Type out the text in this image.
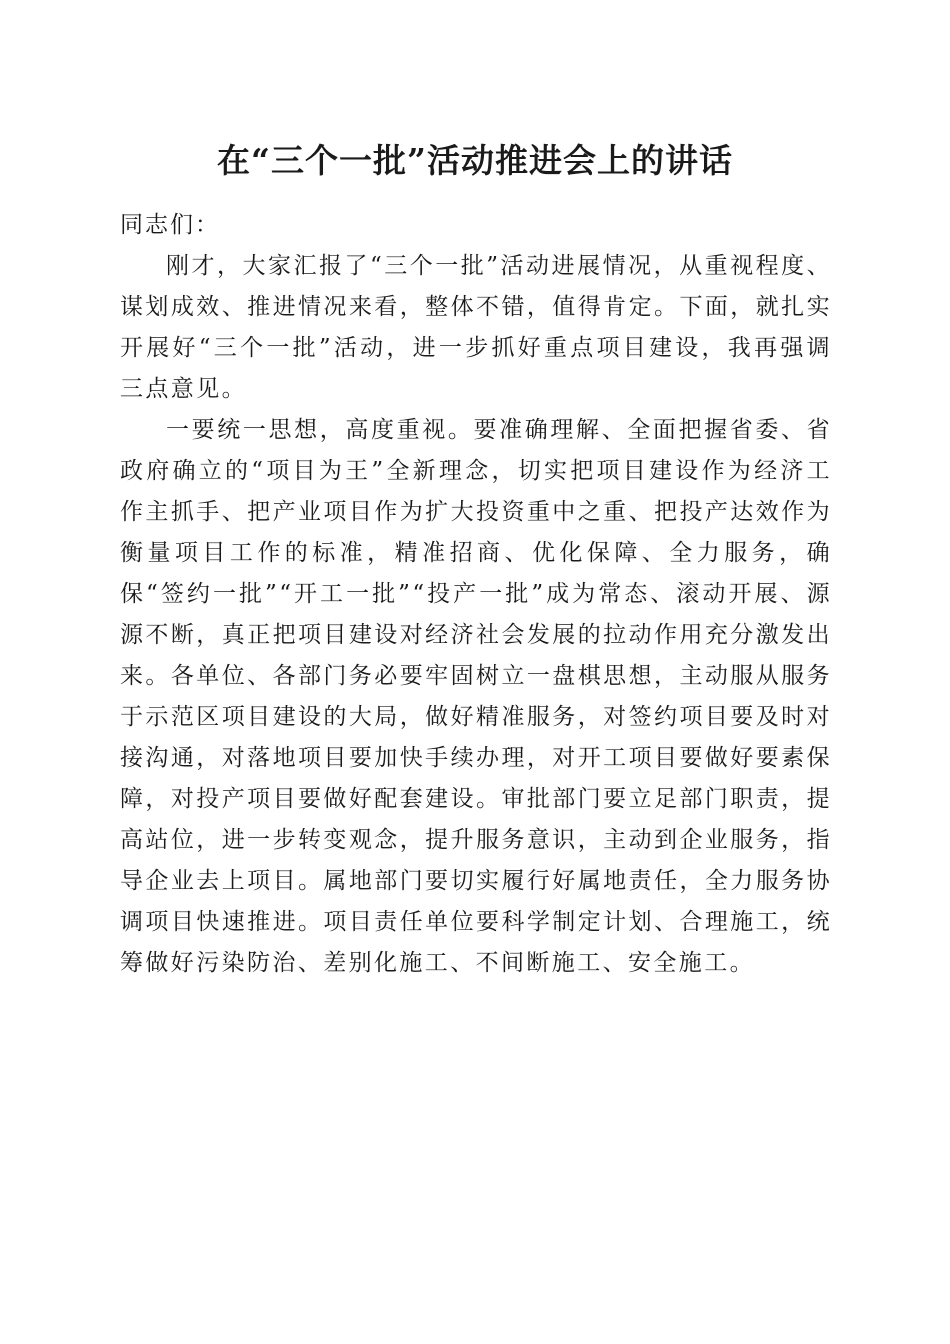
在“三个一批”活动推进会上的讲话

同志们：

刚才，大家汇报了“三个一批”活动进展情况，从重视程度、谋划成效、推进情况来看，整体不错，值得肯定。下面，就扎实开展好“三个一批”活动，进一步抓好重点项目建设，我再强调三点意见。

一要统一思想，高度重视。要准确理解、全面把握省委、省政府确立的“项目为王”全新理念，切实把项目建设作为经济工作主抓手、把产业项目作为扩大投资重中之重、把投产达效作为衡量项目工作的标准，精准招商、优化保障、全力服务，确保“签约一批”“开工一批”“投产一批”成为常态、滚动开展、源源不断，真正把项目建设对经济社会发展的拉动作用充分激发出来。各单位、各部门务必要牢固树立一盘棋思想，主动服从服务于示范区项目建设的大局，做好精准服务，对签约项目要及时对接沟通，对落地项目要加快手续办理，对开工项目要做好要素保障，对投产项目要做好配套建设。审批部门要立足部门职责，提高站位，进一步转变观念，提升服务意识，主动到企业服务，指导企业去上项目。属地部门要切实履行好属地责任，全力服务协调项目快速推进。项目责任单位要科学制定计划、合理施工，统筹做好污染防治、差别化施工、不间断施工、安全施工。
